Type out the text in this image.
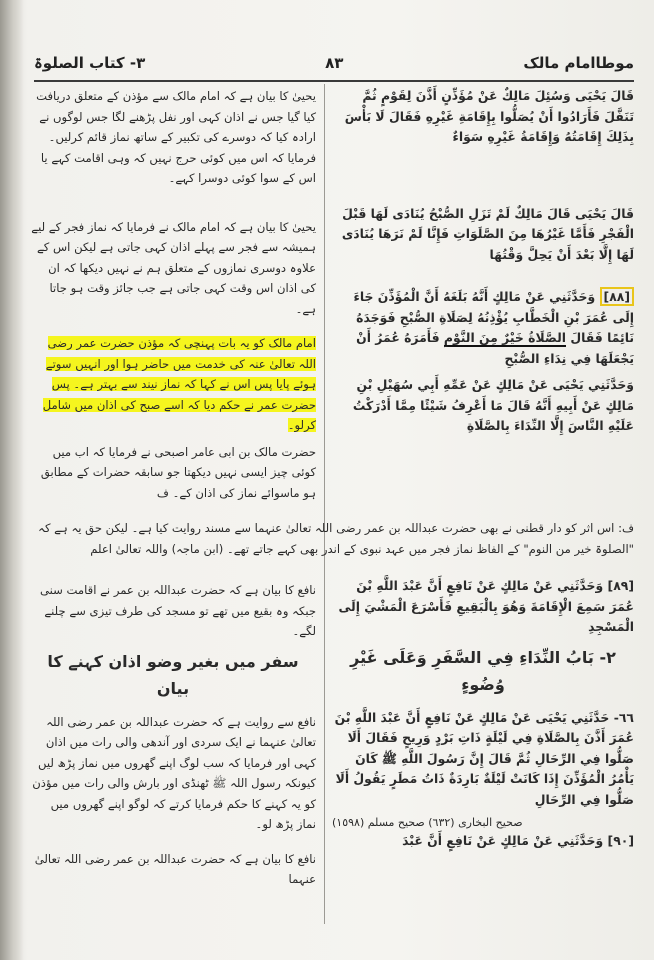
موطاامام مالک
٨٣
٣- کتاب الصلوۃ

یحییٰ کا بیان ہے کہ امام مالک سے مؤذن کے متعلق دریافت کیا گیا جس نے اذان کہی اور نفل پڑھنے لگا جس لوگوں نے ارادہ کیا کہ دوسرے کی تکبیر کے ساتھ نماز قائم کرلیں۔ فرمایا کہ اس میں کوئی حرج نہیں کہ وہی اقامت کہے یا اس کے سوا کوئی دوسرا کہے۔

یحییٰ کا بیان ہے کہ امام مالک نے فرمایا کہ نماز فجر کے لیے ہمیشہ سے فجر سے پہلے اذان کہی جاتی ہے لیکن اس کے علاوہ دوسری نمازوں کے متعلق ہم نے نہیں دیکھا کہ ان کی اذان اس وقت کہی جاتی ہے جب جائز وقت ہو جاتا ہے۔

امام مالک کو یہ بات پہنچی کہ مؤذن حضرت عمر رضی اللہ تعالیٰ عنہ کی خدمت میں حاضر ہوا اور انہیں سوتے ہوئے پایا پس اس نے کہا کہ نماز نیند سے بہتر ہے۔ پس حضرت عمر نے حکم دیا کہ اسے صبح کی اذان میں شامل کرلو۔

حضرت مالک بن ابی عامر اصبحی نے فرمایا کہ اب میں کوئی چیز ایسی نہیں دیکھتا جو سابقہ حضرات کے مطابق ہو ماسوائے نماز کی اذان کے۔ ف

قَالَ يَحْيَى وَسُئِلَ مَالِكٌ عَنْ مُؤَذِّنٍ أَذَّنَ لِقَوْمٍ ثُمَّ تَنَفَّلَ فَأَرَادُوا أَنْ يُصَلُّوا بِإِقَامَةِ غَيْرِهِ فَقَالَ لَا بَأْسَ بِذَلِكَ إِقَامَتُهُ وَإِقَامَةُ غَيْرِهِ سَوَاءٌ

قَالَ يَحْيَى قَالَ مَالِكٌ لَمْ تَزَلِ الصُّبْحُ يُنَادَى لَهَا قَبْلَ الْفَجْرِ فَأَمَّا غَيْرُهَا مِنَ الصَّلَوَاتِ فَإِنَّا لَمْ نَرَهَا يُنَادَى لَهَا إِلَّا بَعْدَ أَنْ يَحِلَّ وَقْتُهَا

[٨٨] وَحَدَّثَنِي عَنْ مَالِكٍ أَنَّهُ بَلَغَهُ أَنَّ الْمُؤَذِّنَ جَاءَ إِلَى عُمَرَ بْنِ الْخَطَّابِ يُؤْذِنُهُ لِصَلَاةِ الصُّبْحِ فَوَجَدَهُ نَائِمًا فَقَالَ الصَّلَاةُ خَيْرٌ مِنَ النَّوْمِ فَأَمَرَهُ عُمَرُ أَنْ يَجْعَلَهَا فِي نِدَاءِ الصُّبْحِ

وَحَدَّثَنِي يَحْيَى عَنْ مَالِكٍ عَنْ عَمِّهِ أَبِي سُهَيْلِ بْنِ مَالِكٍ عَنْ أَبِيهِ أَنَّهُ قَالَ مَا أَعْرِفُ شَيْئًا مِمَّا أَدْرَكْتُ عَلَيْهِ النَّاسَ إِلَّا النِّدَاءَ بِالصَّلَاةِ

ف: اس اثر کو دار قطنی نے بھی حضرت عبداللہ بن عمر رضی اللہ تعالیٰ عنہما سے مسند روایت کیا ہے۔ لیکن حق یہ ہے کہ "الصلوۃ خیر من النوم" کے الفاظ نماز فجر میں عہد نبوی کے اندر بھی کہے جاتے تھے۔ (ابن ماجہ) واللہ تعالیٰ اعلم

نافع کا بیان ہے کہ حضرت عبداللہ بن عمر نے اقامت سنی جبکہ وہ بقیع میں تھے تو مسجد کی طرف تیزی سے چلنے لگے۔

سفر میں بغیر وضو اذان کہنے کا بیان

نافع سے روایت ہے کہ حضرت عبداللہ بن عمر رضی اللہ تعالیٰ عنہما نے ایک سردی اور آندھی والی رات میں اذان کہی اور فرمایا کہ سب لوگ اپنے گھروں میں نماز پڑھ لیں کیونکہ رسول اللہ ﷺ ٹھنڈی اور بارش والی رات میں مؤذن کو یہ کہنے کا حکم فرمایا کرتے کہ لوگو اپنے گھروں میں نماز پڑھ لو۔

نافع کا بیان ہے کہ حضرت عبداللہ بن عمر رضی اللہ تعالیٰ عنہما

[٨٩] وَحَدَّثَنِي عَنْ مَالِكٍ عَنْ نَافِعٍ أَنَّ عَبْدَ اللَّهِ بْنَ عُمَرَ سَمِعَ الْإِقَامَةَ وَهُوَ بِالْبَقِيعِ فَأَسْرَعَ الْمَشْيَ إِلَى الْمَسْجِدِ

٢- بَابُ النِّدَاءِ فِي السَّفَرِ وَعَلَى غَيْرِ وُضُوءٍ

٦٦- حَدَّثَنِي يَحْيَى عَنْ مَالِكٍ عَنْ نَافِعٍ أَنَّ عَبْدَ اللَّهِ بْنَ عُمَرَ أَذَّنَ بِالصَّلَاةِ فِي لَيْلَةٍ ذَاتِ بَرْدٍ وَرِيحٍ فَقَالَ أَلَا صَلُّوا فِي الرِّحَالِ ثُمَّ قَالَ إِنَّ رَسُولَ اللَّهِ ﷺ كَانَ يَأْمُرُ الْمُؤَذِّنَ إِذَا كَانَتْ لَيْلَةٌ بَارِدَةٌ ذَاتُ مَطَرٍ يَقُولُ أَلَا صَلُّوا فِي الرِّحَالِ

صحیح البخاری (٦٣٢) صحیح مسلم (١٥٩٨)

[٩٠] وَحَدَّثَنِي عَنْ مَالِكٍ عَنْ نَافِعٍ أَنَّ عَبْدَ
